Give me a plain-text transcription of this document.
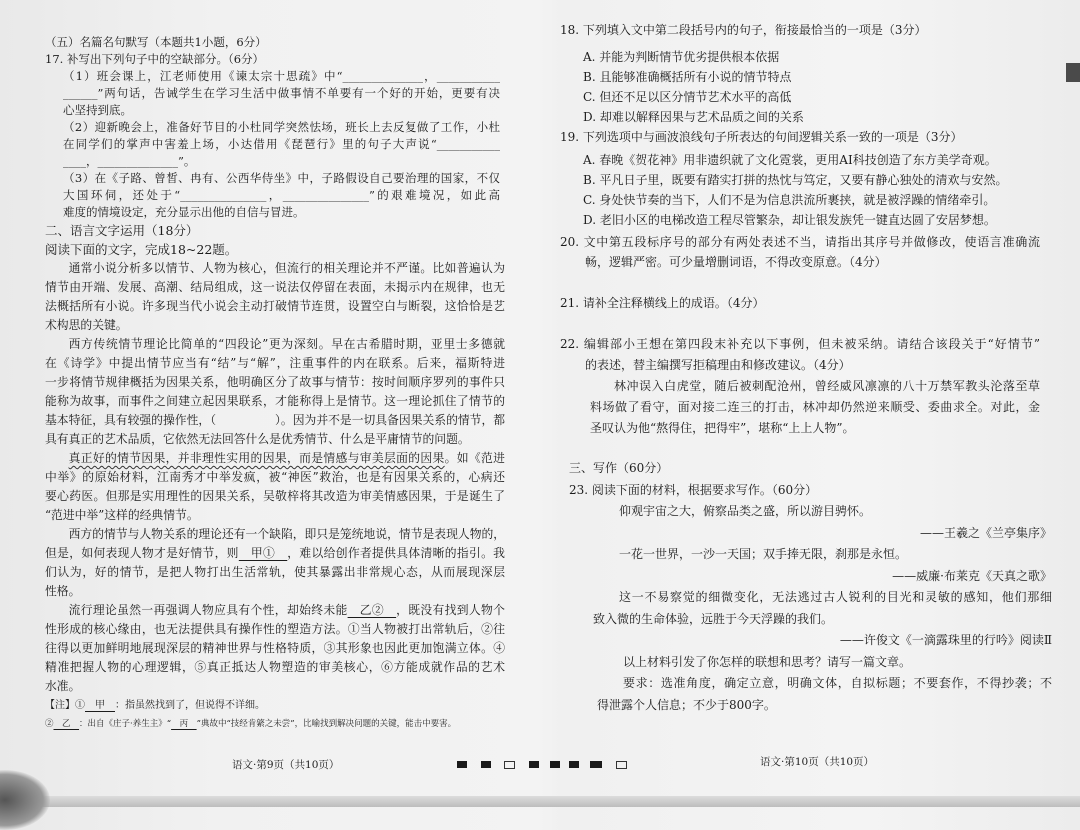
（五）名篇名句默写（本题共1小题，6分）
17. 补写出下列句子中的空缺部分。（6分）
（1）班会课上，江老师使用《谏太宗十思疏》中“______________，___________
______”两句话，告诫学生在学习生活中做事情不单要有一个好的开始，更要有决
心坚持到底。
（2）迎新晚会上，准备好节目的小杜同学突然怯场，班长上去反复做了工作，小杜
在同学们的掌声中害羞上场，小达借用《琵琶行》里的句子大声说“___________
____，______________”。
（3）在《子路、曾皙、冉有、公西华侍坐》中，子路假设自己要治理的国家，不仅
大国环伺，还处于“_______________，_______________”的艰难境况，如此高
难度的情境设定，充分显示出他的自信与冒进。
二、语言文字运用（18分）
阅读下面的文字，完成18~22题。
通常小说分析多以情节、人物为核心，但流行的相关理论并不严谨。比如普遍认为
情节由开端、发展、高潮、结局组成，这一说法仅停留在表面，未揭示内在规律，也无
法概括所有小说。许多现当代小说会主动打破情节连贯，设置空白与断裂，这恰恰是艺
术构思的关键。
西方传统情节理论比简单的“四段论”更为深刻。早在古希腊时期，亚里士多德就
在《诗学》中提出情节应当有“结”与“解”，注重事件的内在联系。后来，福斯特进
一步将情节规律概括为因果关系，他明确区分了故事与情节：按时间顺序罗列的事件只
能称为故事，而事件之间建立起因果联系，才能称得上是情节。这一理论抓住了情节的
基本特征，具有较强的操作性，（　　　　　）。因为并不是一切具备因果关系的情节，都
具有真正的艺术品质，它依然无法回答什么是优秀情节、什么是平庸情节的问题。
真正好的情节因果，并非理性实用的因果，而是情感与审美层面的因果。如《范进
中举》的原始材料，江南秀才中举发疯，被“神医”救治，也是有因果关系的，心病还
要心药医。但那是实用理性的因果关系，吴敬梓将其改造为审美情感因果，于是诞生了
“范进中举”这样的经典情节。
西方的情节与人物关系的理论还有一个缺陷，即只是笼统地说，情节是表现人物的，
但是，如何表现人物才是好情节，则　甲①　，难以给创作者提供具体清晰的指引。我
们认为，好的情节，是把人物打出生活常轨，使其暴露出非常规心态，从而展现深层
性格。
流行理论虽然一再强调人物应具有个性，却始终未能　乙②　，既没有找到人物个
性形成的核心缘由，也无法提供具有操作性的塑造方法。①当人物被打出常轨后，②往
往得以更加鲜明地展现深层的精神世界与性格特质，③其形象也因此更加饱满立体。④
精准把握人物的心理逻辑，⑤真正抵达人物塑造的审美核心，⑥方能成就作品的艺术
水准。
【注】①　甲　：指虽然找到了，但说得不详细。
②　乙　：出自《庄子·养生主》“　丙　”典故中“技经肯綮之未尝”，比喻找到解决问题的关键，能击中要害。
语文·第9页（共10页）
18. 下列填入文中第二段括号内的句子，衔接最恰当的一项是（3分）
A. 并能为判断情节优劣提供根本依据
B. 且能够准确概括所有小说的情节特点
C. 但还不足以区分情节艺术水平的高低
D. 却难以解释因果与艺术品质之间的关系
19. 下列选项中与画波浪线句子所表达的句间逻辑关系一致的一项是（3分）
A. 春晚《贺花神》用非遗织就了文化霓裳，更用AI科技创造了东方美学奇观。
B. 平凡日子里，既要有踏实打拼的热忱与笃定，又要有静心独处的清欢与安然。
C. 身处快节奏的当下，人们不是为信息洪流所裹挟，就是被浮躁的情绪牵引。
D. 老旧小区的电梯改造工程尽管繁杂，却让银发族凭一键直达圆了安居梦想。
20. 文中第五段标序号的部分有两处表述不当，请指出其序号并做修改，使语言准确流
畅，逻辑严密。可少量增删词语，不得改变原意。（4分）
21. 请补全注释横线上的成语。（4分）
22. 编辑部小王想在第四段末补充以下事例，但未被采纳。请结合该段关于“好情节”
的表述，替主编撰写拒稿理由和修改建议。（4分）
林冲误入白虎堂，随后被刺配沧州，曾经威风凛凛的八十万禁军教头沦落至草
料场做了看守，面对接二连三的打击，林冲却仍然逆来顺受、委曲求全。对此，金
圣叹认为他“熬得住，把得牢”，堪称“上上人物”。
三、写作（60分）
23. 阅读下面的材料，根据要求写作。（60分）
仰观宇宙之大，俯察品类之盛，所以游目骋怀。
——王羲之《兰亭集序》
一花一世界，一沙一天国；双手捧无限，刹那是永恒。
——威廉·布莱克《天真之歌》
这一不易察觉的细微变化，无法逃过古人锐利的目光和灵敏的感知，他们那细
致入微的生命体验，远胜于今天浮躁的我们。
——许俊文《一滴露珠里的行吟》阅读Ⅱ
以上材料引发了你怎样的联想和思考？请写一篇文章。
要求：选准角度，确定立意，明确文体，自拟标题；不要套作，不得抄袭；不
得泄露个人信息；不少于800字。
语文·第10页（共10页）
